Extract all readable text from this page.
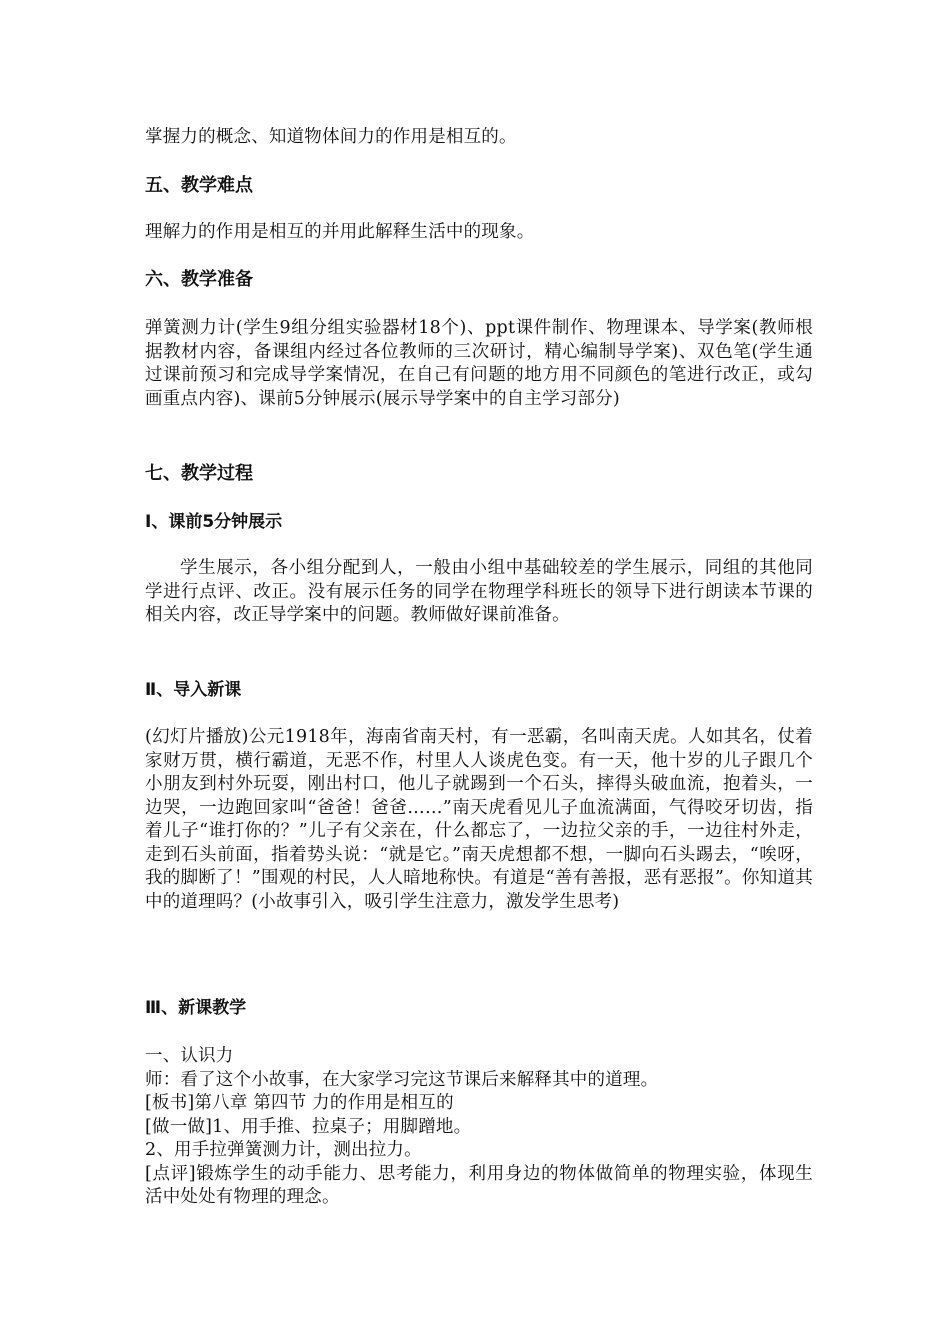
掌握力的概念、知道物体间力的作用是相互的。

五、教学难点

理解力的作用是相互的并用此解释生活中的现象。

六、教学准备

弹簧测力计(学生9组分组实验器材18个)、ppt课件制作、物理课本、导学案(教师根据教材内容，备课组内经过各位教师的三次研讨，精心编制导学案)、双色笔(学生通过课前预习和完成导学案情况，在自己有问题的地方用不同颜色的笔进行改正，或勾画重点内容)、课前5分钟展示(展示导学案中的自主学习部分)

七、教学过程
Ⅰ、课前5分钟展示

学生展示，各小组分配到人，一般由小组中基础较差的学生展示，同组的其他同学进行点评、改正。没有展示任务的同学在物理学科班长的领导下进行朗读本节课的相关内容，改正导学案中的问题。教师做好课前准备。

Ⅱ、导入新课

(幻灯片播放)公元1918年，海南省南天村，有一恶霸，名叫南天虎。人如其名，仗着家财万贯，横行霸道，无恶不作，村里人人谈虎色变。有一天，他十岁的儿子跟几个小朋友到村外玩耍，刚出村口，他儿子就踢到一个石头，摔得头破血流，抱着头，一边哭，一边跑回家叫“爸爸！爸爸……”南天虎看见儿子血流满面，气得咬牙切齿，指着儿子“谁打你的？”儿子有父亲在，什么都忘了，一边拉父亲的手，一边往村外走，走到石头前面，指着势头说：“就是它。”南天虎想都不想，一脚向石头踢去，“唉呀，我的脚断了！”围观的村民，人人暗地称快。有道是“善有善报，恶有恶报”。你知道其中的道理吗？(小故事引入，吸引学生注意力，激发学生思考)

Ⅲ、新课教学
一、认识力
师：看了这个小故事，在大家学习完这节课后来解释其中的道理。
[板书]第八章 第四节 力的作用是相互的
[做一做]1、用手推、拉桌子；用脚蹭地。
2、用手拉弹簧测力计，测出拉力。
[点评]锻炼学生的动手能力、思考能力，利用身边的物体做简单的物理实验，体现生活中处处有物理的理念。
